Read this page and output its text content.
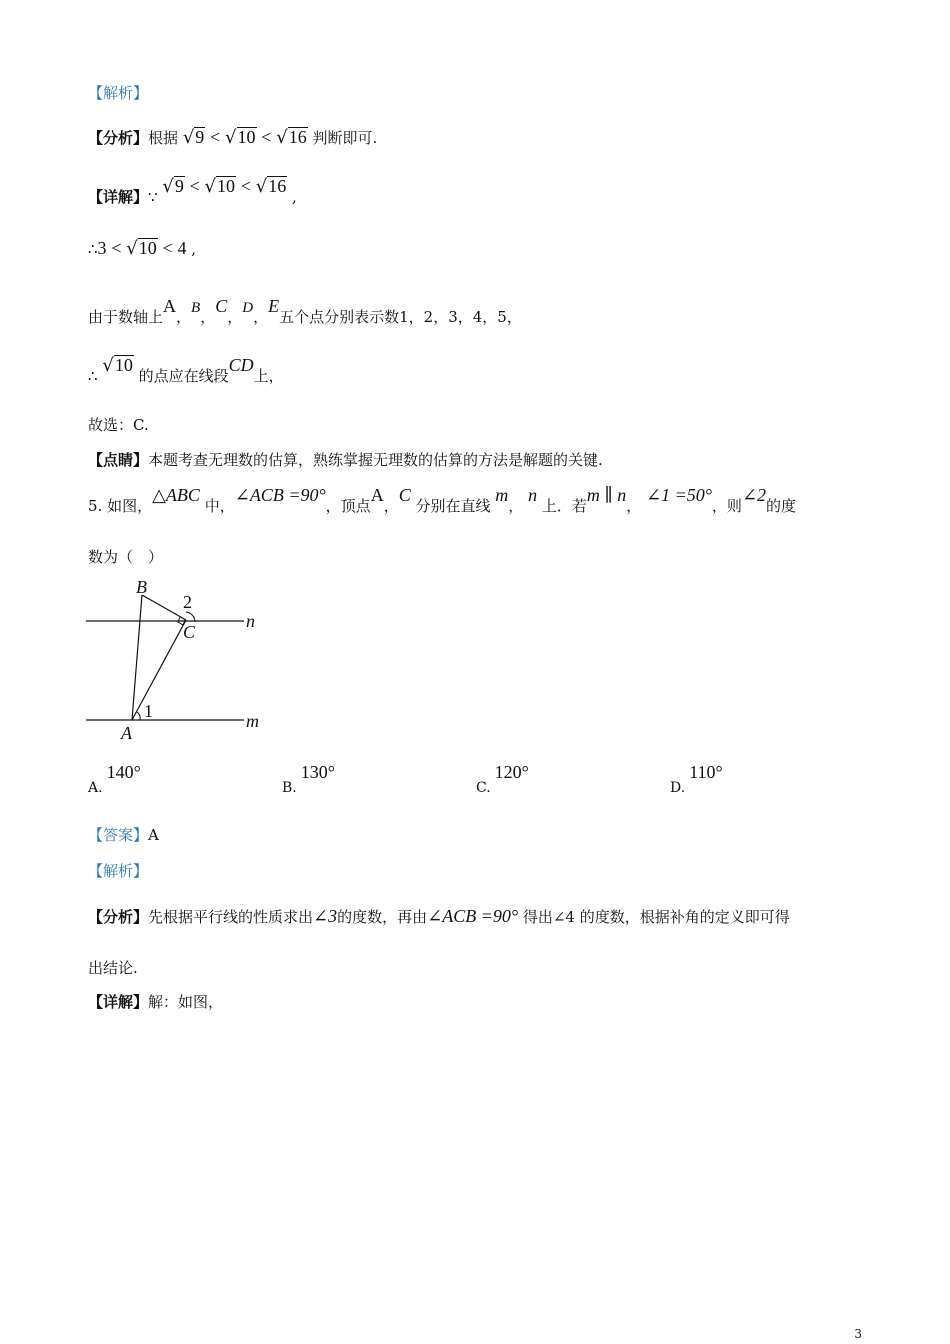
【解析】
【分析】根据 √9 < √10 < √16 判断即可.
【详解】∵ √9 < √10 < √16 ,
∴3 < √10 < 4 ,
由于数轴上A，B，C，D，E五个点分别表示数1，2，3，4，5，
∴ √10 的点应在线段CD上，
故选：C.
【点睛】本题考查无理数的估算，熟练掌握无理数的估算的方法是解题的关键.
5. 如图，△ABC 中，∠ACB =90°，顶点A，C 分别在直线 m， n 上．若m ∥ n， ∠1 =50°，则∠2的度
数为（　）
B
2
C
n
1
A
m
A.140°
B.130°
C.120°
D.110°
【答案】A
【解析】
【分析】先根据平行线的性质求出∠3的度数，再由∠ACB =90° 得出∠4 的度数，根据补角的定义即可得
出结论.
【详解】解：如图，
3
